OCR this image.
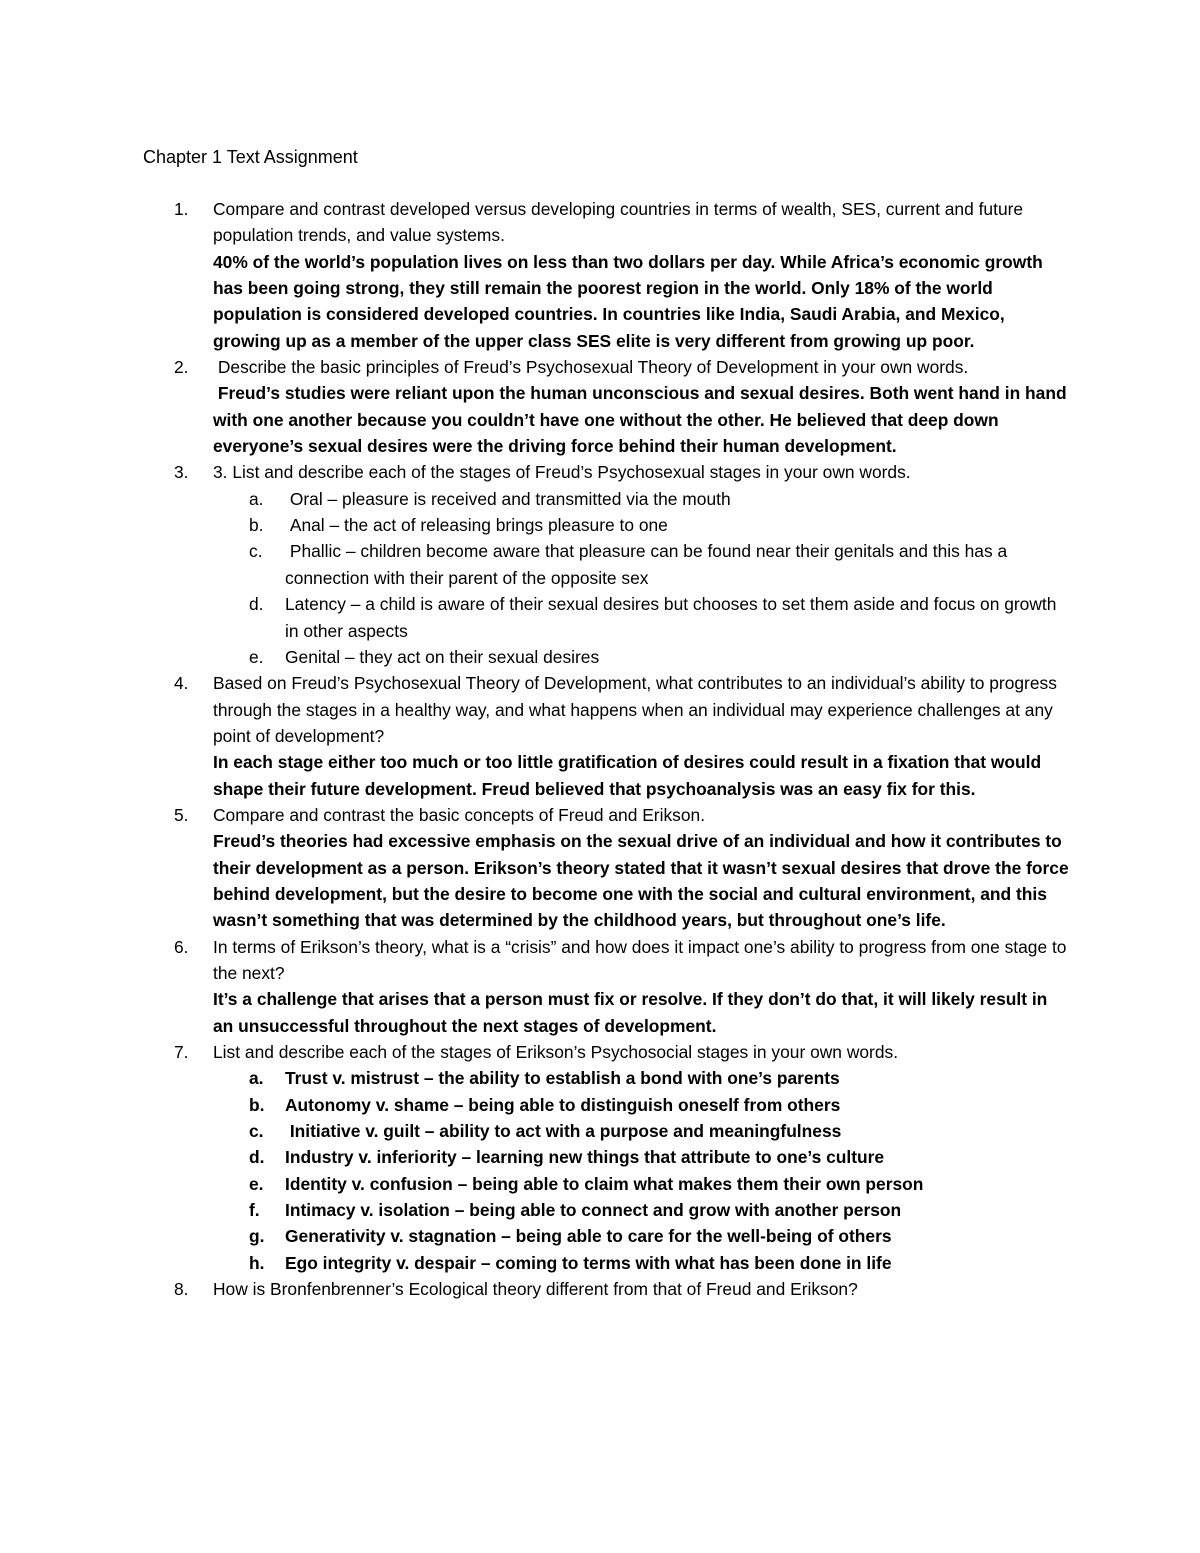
Chapter 1 Text Assignment
1. Compare and contrast developed versus developing countries in terms of wealth, SES, current and future population trends, and value systems.
40% of the world’s population lives on less than two dollars per day. While Africa’s economic growth has been going strong, they still remain the poorest region in the world. Only 18% of the world population is considered developed countries. In countries like India, Saudi Arabia, and Mexico, growing up as a member of the upper class SES elite is very different from growing up poor.
2. Describe the basic principles of Freud’s Psychosexual Theory of Development in your own words.
Freud’s studies were reliant upon the human unconscious and sexual desires. Both went hand in hand with one another because you couldn’t have one without the other. He believed that deep down everyone’s sexual desires were the driving force behind their human development.
3. 3. List and describe each of the stages of Freud’s Psychosexual stages in your own words.
a. Oral – pleasure is received and transmitted via the mouth
b. Anal – the act of releasing brings pleasure to one
c. Phallic – children become aware that pleasure can be found near their genitals and this has a connection with their parent of the opposite sex
d. Latency – a child is aware of their sexual desires but chooses to set them aside and focus on growth in other aspects
e. Genital – they act on their sexual desires
4. Based on Freud’s Psychosexual Theory of Development, what contributes to an individual’s ability to progress through the stages in a healthy way, and what happens when an individual may experience challenges at any point of development?
In each stage either too much or too little gratification of desires could result in a fixation that would shape their future development. Freud believed that psychoanalysis was an easy fix for this.
5. Compare and contrast the basic concepts of Freud and Erikson.
Freud’s theories had excessive emphasis on the sexual drive of an individual and how it contributes to their development as a person. Erikson’s theory stated that it wasn’t sexual desires that drove the force behind development, but the desire to become one with the social and cultural environment, and this wasn’t something that was determined by the childhood years, but throughout one’s life.
6. In terms of Erikson’s theory, what is a “crisis” and how does it impact one’s ability to progress from one stage to the next?
It’s a challenge that arises that a person must fix or resolve. If they don’t do that, it will likely result in an unsuccessful throughout the next stages of development.
7. List and describe each of the stages of Erikson’s Psychosocial stages in your own words.
a. Trust v. mistrust – the ability to establish a bond with one’s parents
b. Autonomy v. shame – being able to distinguish oneself from others
c. Initiative v. guilt – ability to act with a purpose and meaningfulness
d. Industry v. inferiority – learning new things that attribute to one’s culture
e. Identity v. confusion – being able to claim what makes them their own person
f. Intimacy v. isolation – being able to connect and grow with another person
g. Generativity v. stagnation – being able to care for the well-being of others
h. Ego integrity v. despair – coming to terms with what has been done in life
8. How is Bronfenbrenner’s Ecological theory different from that of Freud and Erikson?
